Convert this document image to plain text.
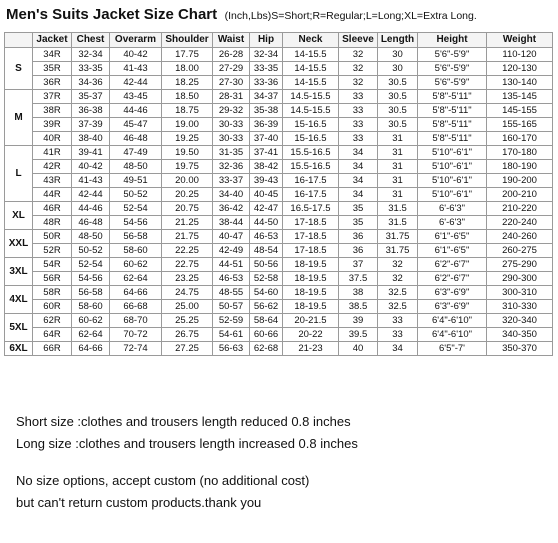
Men's Suits Jacket Size Chart (Inch,Lbs)S=Short;R=Regular;L=Long;XL=Extra Long.
	Jacket	Chest	Overarm	Shoulder	Waist	Hip	Neck	Sleeve	Length	Height	Weight
S	34R	32-34	40-42	17.75	26-28	32-34	14-15.5	32	30	5'6"-5'9"	110-120
	35R	33-35	41-43	18.00	27-29	33-35	14-15.5	32	30	5'6"-5'9"	120-130
	36R	34-36	42-44	18.25	27-30	33-36	14-15.5	32	30.5	5'6"-5'9"	130-140
M	37R	35-37	43-45	18.50	28-31	34-37	14.5-15.5	33	30.5	5'8"-5'11"	135-145
	38R	36-38	44-46	18.75	29-32	35-38	14.5-15.5	33	30.5	5'8"-5'11"	145-155
	39R	37-39	45-47	19.00	30-33	36-39	15-16.5	33	30.5	5'8"-5'11"	155-165
	40R	38-40	46-48	19.25	30-33	37-40	15-16.5	33	31	5'8"-5'11"	160-170
L	41R	39-41	47-49	19.50	31-35	37-41	15.5-16.5	34	31	5'10"-6'1"	170-180
	42R	40-42	48-50	19.75	32-36	38-42	15.5-16.5	34	31	5'10"-6'1"	180-190
	43R	41-43	49-51	20.00	33-37	39-43	16-17.5	34	31	5'10"-6'1"	190-200
	44R	42-44	50-52	20.25	34-40	40-45	16-17.5	34	31	5'10"-6'1"	200-210
XL	46R	44-46	52-54	20.75	36-42	42-47	16.5-17.5	35	31.5	6'-6'3"	210-220
	48R	46-48	54-56	21.25	38-44	44-50	17-18.5	35	31.5	6'-6'3"	220-240
XXL	50R	48-50	56-58	21.75	40-47	46-53	17-18.5	36	31.75	6'1"-6'5"	240-260
	52R	50-52	58-60	22.25	42-49	48-54	17-18.5	36	31.75	6'1"-6'5"	260-275
3XL	54R	52-54	60-62	22.75	44-51	50-56	18-19.5	37	32	6'2"-6'7"	275-290
	56R	54-56	62-64	23.25	46-53	52-58	18-19.5	37.5	32	6'2"-6'7"	290-300
4XL	58R	56-58	64-66	24.75	48-55	54-60	18-19.5	38	32.5	6'3"-6'9"	300-310
	60R	58-60	66-68	25.00	50-57	56-62	18-19.5	38.5	32.5	6'3"-6'9"	310-330
5XL	62R	60-62	68-70	25.25	52-59	58-64	20-21.5	39	33	6'4"-6'10"	320-340
	64R	62-64	70-72	26.75	54-61	60-66	20-22	39.5	33	6'4"-6'10"	340-350
6XL	66R	64-66	72-74	27.25	56-63	62-68	21-23	40	34	6'5"-7'	350-370

Short size :clothes and trousers length reduced 0.8 inches

Long size :clothes and trousers length increased 0.8 inches

No size options, accept custom (no additional cost)

but can't return custom products.thank you
